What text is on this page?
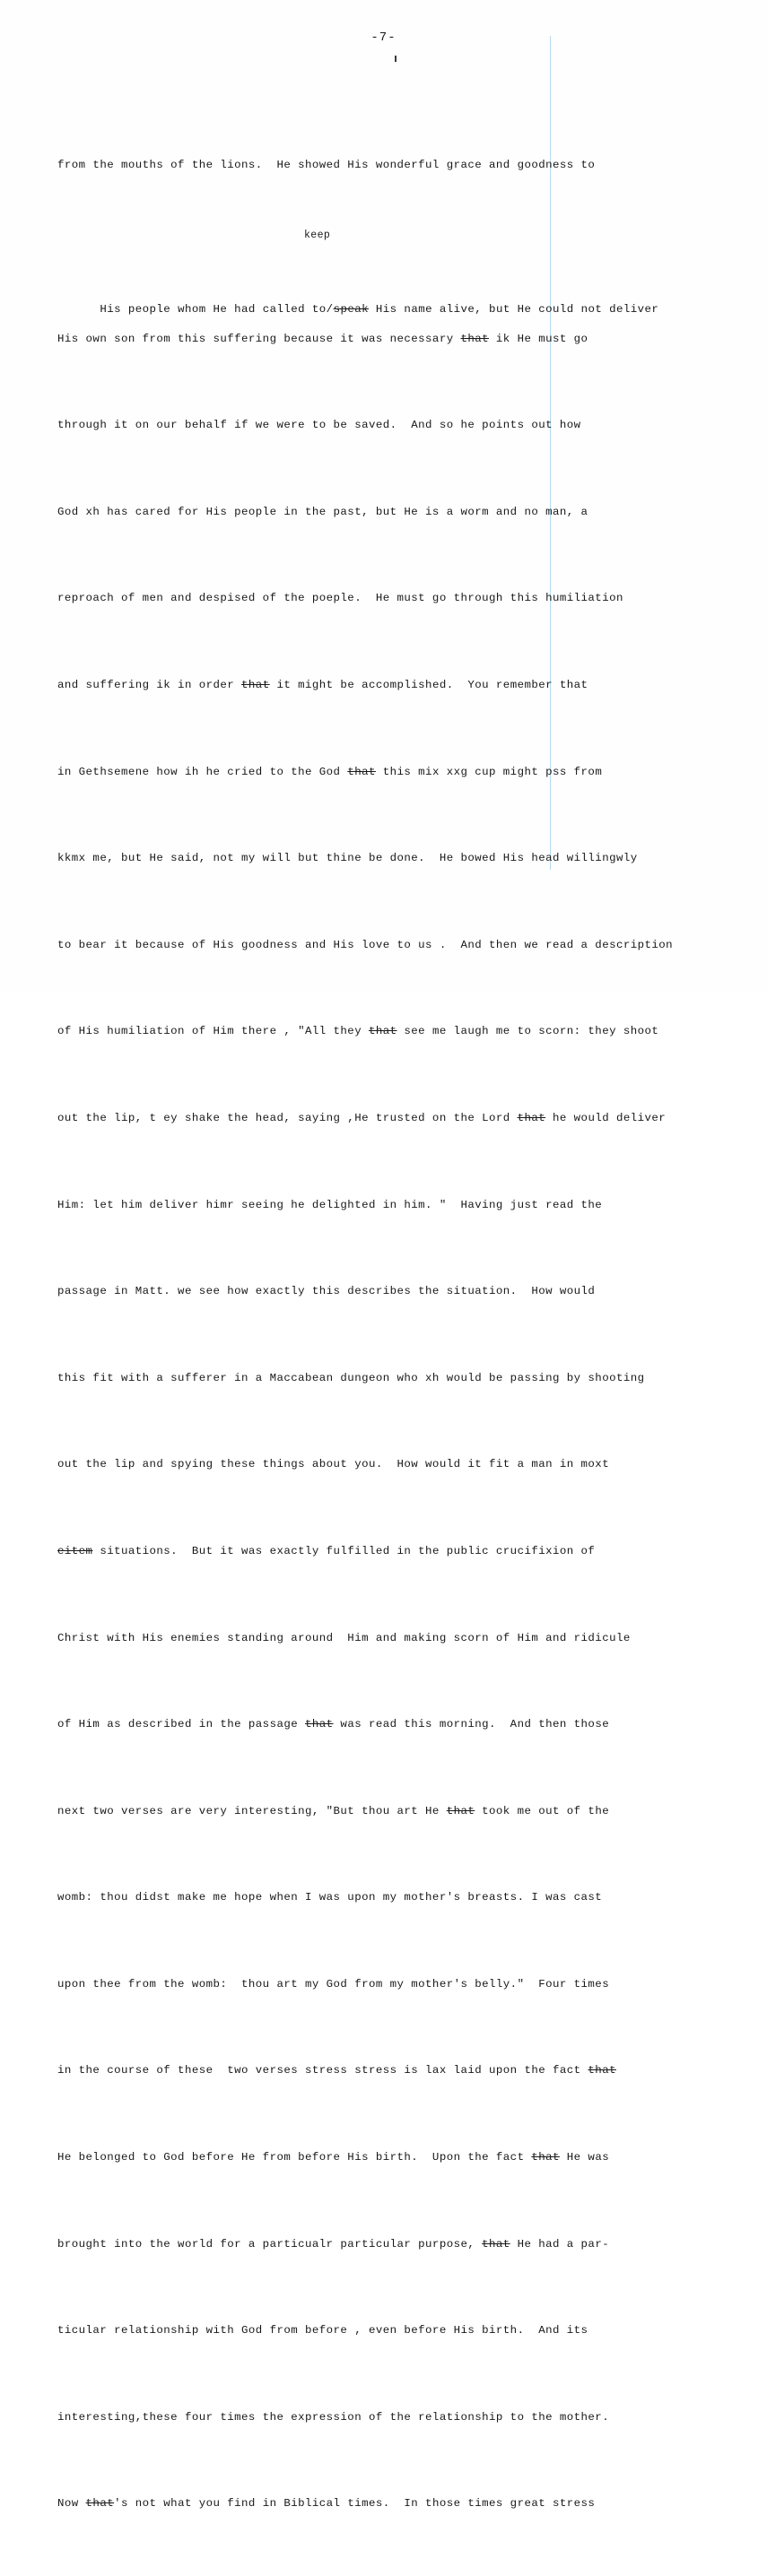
-7-

from the mouths of the lions.  He showed His wonderful grace and goodness to

keep

His people whom He had called to/speak His name alive, but He could not deliver

His own son from this suffering because it was necessary that ik He must go

through it on our behalf if we were to be saved.  And so he points out how

God xh has cared for His people in the past, but He is a worm and no man, a

reproach of men and despised of the poeple.  He must go through this humiliation

and suffering ik in order that it might be accomplished.  You remember that

in Gethsemene how ih he cried to the God that this mix xxg cup might pss from

kkmx me, but He said, not my will but thine be done.  He bowed His head willingwly

to bear it because of His goodness and His love to us .  And then we read a description

of His humiliation of Him there , "All they that see me laugh me to scorn: they shoot

out the lip, t ey shake the head, saying ,He trusted on the Lord that he would deliver

Him: let him deliver himr seeing he delighted in him. "  Having just read the

passage in Matt. we see how exactly this describes the situation.  How would

this fit with a sufferer in a Maccabean dungeon who xh would be passing by shooting

out the lip and spying these things about you.  How would it fit a man in moxt

eitem situations.  But it was exactly fulfilled in the public crucifixion of

Christ with His enemies standing around  Him and making scorn of Him and ridicule

of Him as described in the passage that was read this morning.  And then those

next two verses are very interesting, "But thou art He that took me out of the

womb: thou didst make me hope when I was upon my mother's breasts. I was cast

upon thee from the womb:  thou art my God from my mother's belly."  Four times

in the course of these  two verses stress stress is lax laid upon the fact that

He belonged to God before He from before His birth.  Upon the fact that He was

brought into the world for a particualr particular purpose, that He had a par-

ticular relationship with God from before , even before His birth.  And its

interesting,these four times the expression of the relationship to the mother.

Now that's not what you find in Biblical times.  In those times great stress
